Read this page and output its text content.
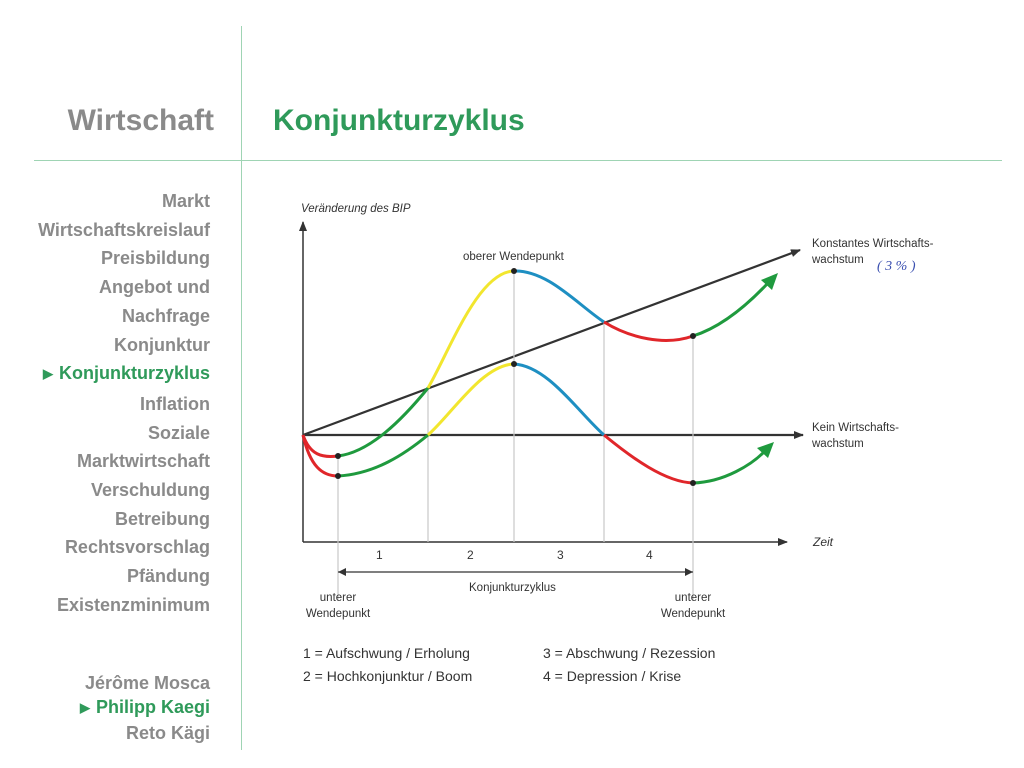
Wirtschaft Konjunkturzyklus
Markt
Wirtschaftskreislauf
Preisbildung
Angebot und
Nachfrage
Konjunktur
▶ Konjunkturzyklus
Inflation
Soziale
Marktwirtschaft
Verschuldung
Betreibung
Rechtsvorschlag
Pfändung
Existenzminimum
Jérôme Mosca
▶ Philipp Kaegi
Reto Kägi
Veränderung des BIP
Zeit
oberer Wendepunkt
Konstantes Wirtschafts-
wachstum ( 3 % )
Kein Wirtschafts-
wachstum
1	2	3	4
Konjunkturzyklus
unterer
Wendepunkt
unterer
Wendepunkt
1 = Aufschwung / Erholung
2 = Hochkonjunktur / Boom
3 = Abschwung / Rezession
4 = Depression / Krise
